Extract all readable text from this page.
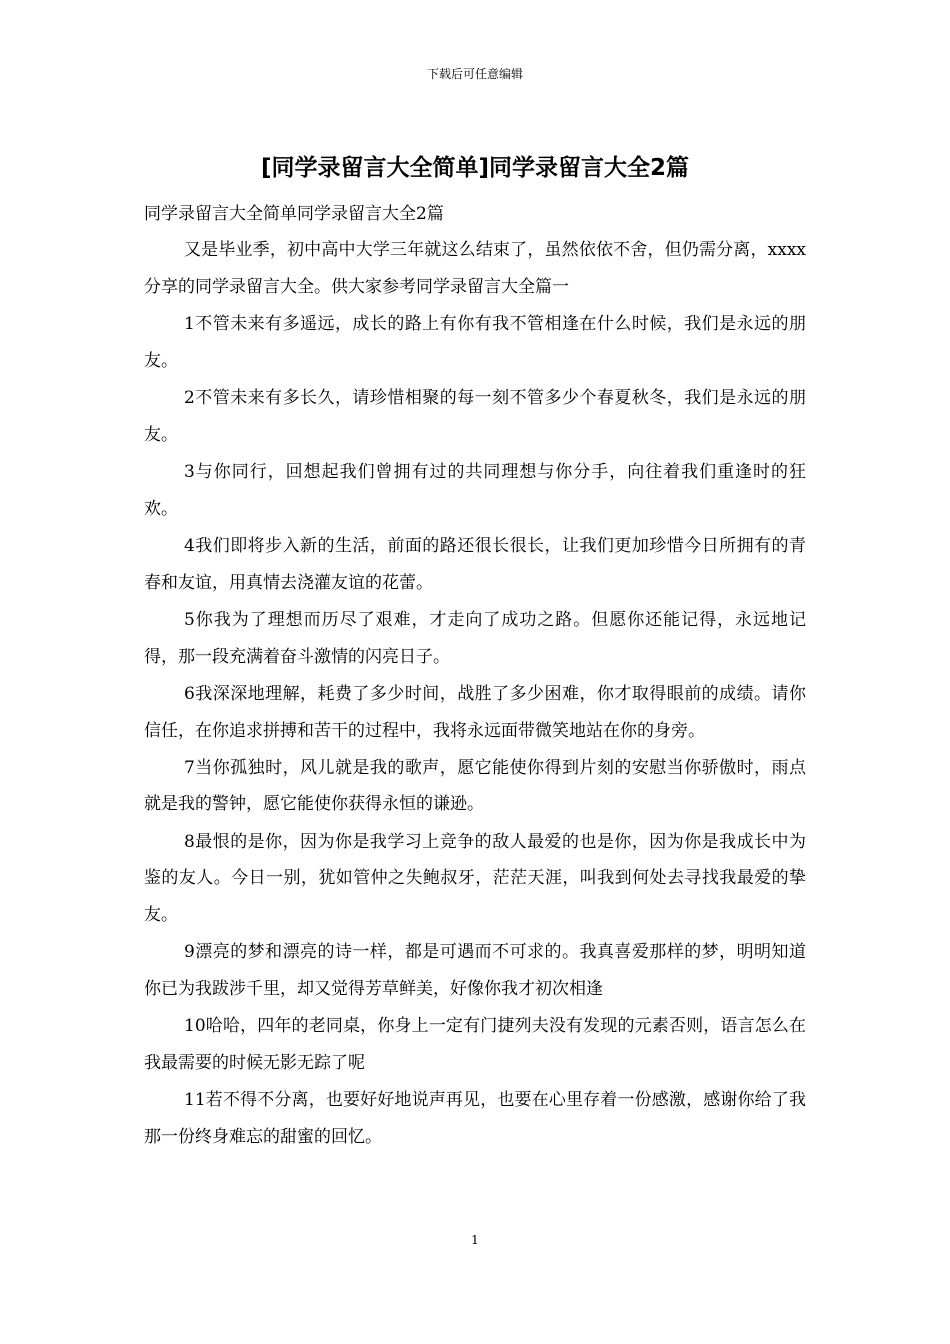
下载后可任意编辑
[同学录留言大全简单]同学录留言大全2篇

同学录留言大全简单同学录留言大全2篇

又是毕业季，初中高中大学三年就这么结束了，虽然依依不舍，但仍需分离，xxxx分享的同学录留言大全。供大家参考同学录留言大全篇一

1不管未来有多遥远，成长的路上有你有我不管相逢在什么时候，我们是永远的朋友。

2不管未来有多长久，请珍惜相聚的每一刻不管多少个春夏秋冬，我们是永远的朋友。

3与你同行，回想起我们曾拥有过的共同理想与你分手，向往着我们重逢时的狂欢。

4我们即将步入新的生活，前面的路还很长很长，让我们更加珍惜今日所拥有的青春和友谊，用真情去浇灌友谊的花蕾。

5你我为了理想而历尽了艰难，才走向了成功之路。但愿你还能记得，永远地记得，那一段充满着奋斗激情的闪亮日子。

6我深深地理解，耗费了多少时间，战胜了多少困难，你才取得眼前的成绩。请你信任，在你追求拼搏和苦干的过程中，我将永远面带微笑地站在你的身旁。

7当你孤独时，风儿就是我的歌声，愿它能使你得到片刻的安慰当你骄傲时，雨点就是我的警钟，愿它能使你获得永恒的谦逊。

8最恨的是你，因为你是我学习上竞争的敌人最爱的也是你，因为你是我成长中为鉴的友人。今日一别，犹如管仲之失鲍叔牙，茫茫天涯，叫我到何处去寻找我最爱的挚友。

9漂亮的梦和漂亮的诗一样，都是可遇而不可求的。我真喜爱那样的梦，明明知道你已为我跋涉千里，却又觉得芳草鲜美，好像你我才初次相逢

10哈哈，四年的老同桌，你身上一定有门捷列夫没有发现的元素否则，语言怎么在我最需要的时候无影无踪了呢

11若不得不分离，也要好好地说声再见，也要在心里存着一份感激，感谢你给了我那一份终身难忘的甜蜜的回忆。

1
